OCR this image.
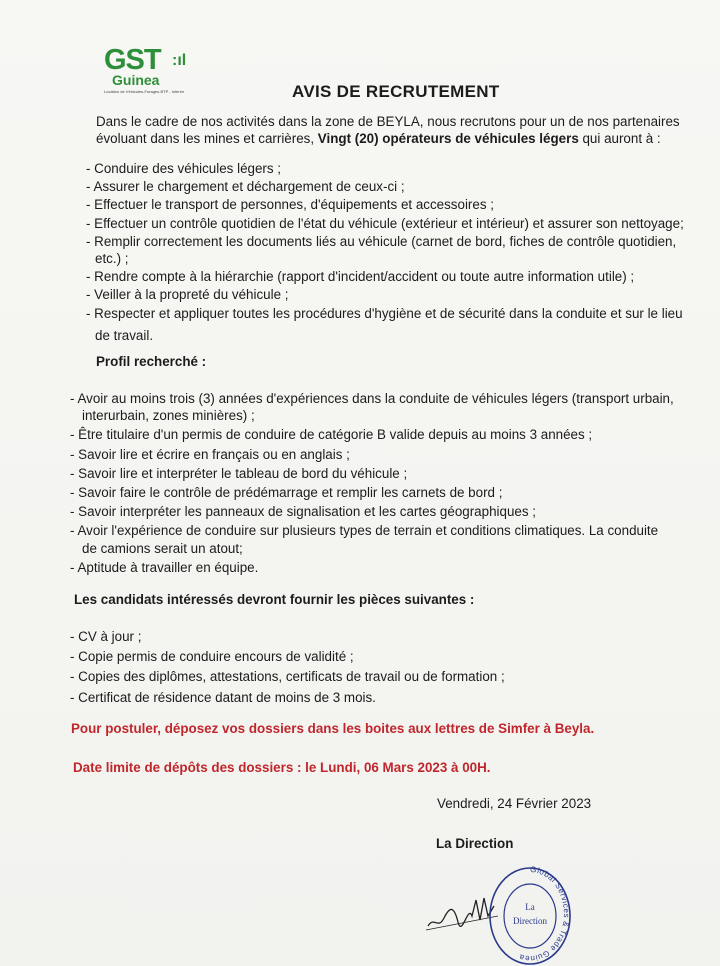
GST :ıl
Guinea
Location de Véhicules-Forages-BTP - Intérim	AVIS DE RECRUTEMENT
Dans le cadre de nos activités dans la zone de BEYLA, nous recrutons pour un de nos partenaires
évoluant dans les mines et carrières, Vingt (20) opérateurs de véhicules légers qui auront à :
- Conduire des véhicules légers ;
- Assurer le chargement et déchargement de ceux-ci ;
- Effectuer le transport de personnes, d'équipements et accessoires ;
- Effectuer un contrôle quotidien de l'état du véhicule (extérieur et intérieur) et assurer son nettoyage;
- Remplir correctement les documents liés au véhicule (carnet de bord, fiches de contrôle quotidien,
etc.) ;
- Rendre compte à la hiérarchie (rapport d'incident/accident ou toute autre information utile) ;
- Veiller à la propreté du véhicule ;
- Respecter et appliquer toutes les procédures d'hygiène et de sécurité dans la conduite et sur le lieu
de travail.
Profil recherché :
- Avoir au moins trois (3) années d'expériences dans la conduite de véhicules légers (transport urbain,
interurbain, zones minières) ;
- Être titulaire d'un permis de conduire de catégorie B valide depuis au moins 3 années ;
- Savoir lire et écrire en français ou en anglais ;
- Savoir lire et interpréter le tableau de bord du véhicule ;
- Savoir faire le contrôle de prédémarrage et remplir les carnets de bord ;
- Savoir interpréter les panneaux de signalisation et les cartes géographiques ;
- Avoir l'expérience de conduire sur plusieurs types de terrain et conditions climatiques. La conduite
de camions serait un atout;
- Aptitude à travailler en équipe.
Les candidats intéressés devront fournir les pièces suivantes :
- CV à jour ;
- Copie permis de conduire encours de validité ;
- Copies des diplômes, attestations, certificats de travail ou de formation ;
- Certificat de résidence datant de moins de 3 mois.
Pour postuler, déposez vos dossiers dans les boites aux lettres de Simfer à Beyla.
Date limite de dépôts des dossiers : le Lundi, 06 Mars 2023 à 00H.
Vendredi, 24 Février 2023
La Direction
Global Services & Trade Guinea
La
Direction
